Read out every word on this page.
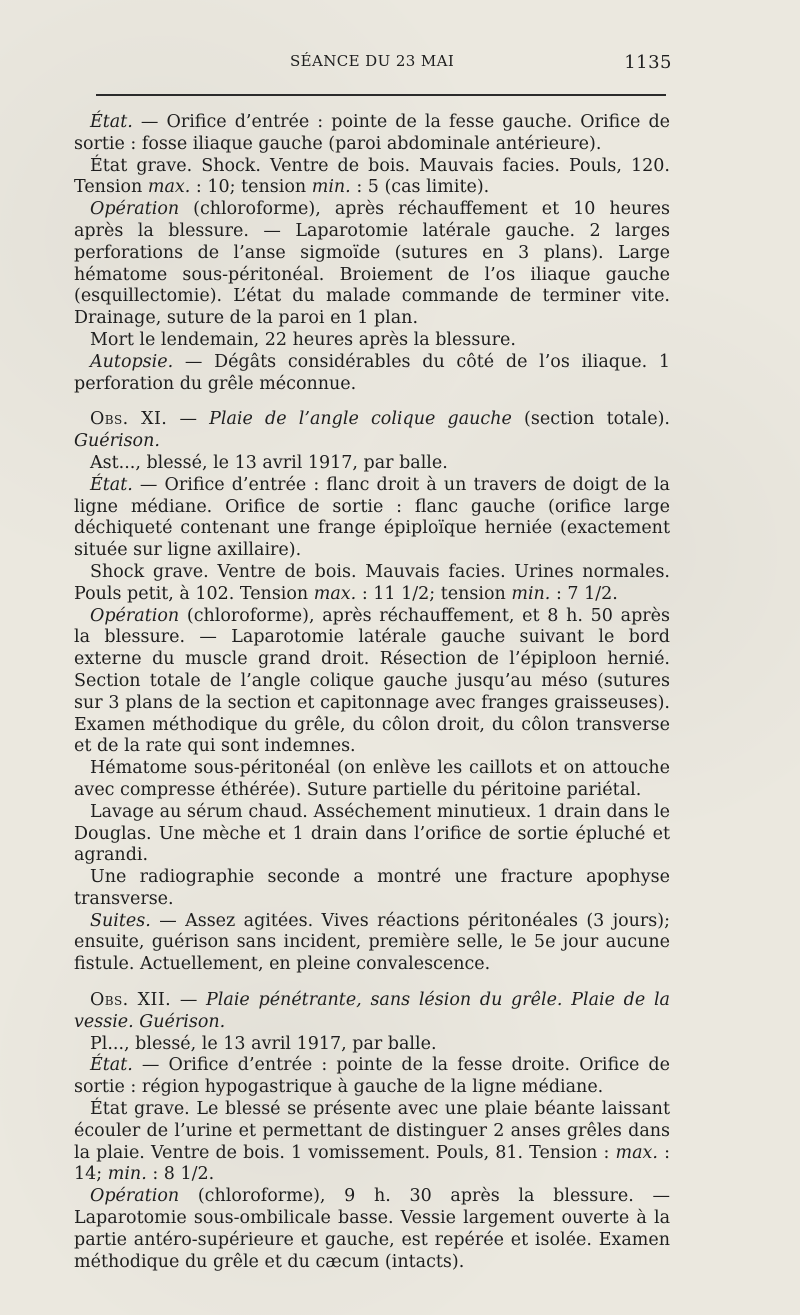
SÉANCE DU 23 MAI	1135

État. — Orifice d’entrée : pointe de la fesse gauche. Orifice de sortie : fosse iliaque gauche (paroi abdominale antérieure).

État grave. Shock. Ventre de bois. Mauvais facies. Pouls, 120. Tension max. : 10; tension min. : 5 (cas limite).

Opération (chloroforme), après réchauffement et 10 heures après la blessure. — Laparotomie latérale gauche. 2 larges perforations de l’anse sigmoïde (sutures en 3 plans). Large hématome sous-péritonéal. Broiement de l’os iliaque gauche (esquillectomie). L’état du malade commande de terminer vite. Drainage, suture de la paroi en 1 plan.

Mort le lendemain, 22 heures après la blessure.

Autopsie. — Dégâts considérables du côté de l’os iliaque. 1 perforation du grêle méconnue.

Obs. XI. — Plaie de l’angle colique gauche (section totale). Guérison.

Ast..., blessé, le 13 avril 1917, par balle.

État. — Orifice d’entrée : flanc droit à un travers de doigt de la ligne médiane. Orifice de sortie : flanc gauche (orifice large déchiqueté contenant une frange épiploïque herniée (exactement située sur ligne axillaire).

Shock grave. Ventre de bois. Mauvais facies. Urines normales. Pouls petit, à 102. Tension max. : 11 1/2; tension min. : 7 1/2.

Opération (chloroforme), après réchauffement, et 8 h. 50 après la blessure. — Laparotomie latérale gauche suivant le bord externe du muscle grand droit. Résection de l’épiploon hernié. Section totale de l’angle colique gauche jusqu’au méso (sutures sur 3 plans de la section et capitonnage avec franges graisseuses). Examen méthodique du grêle, du côlon droit, du côlon transverse et de la rate qui sont indemnes.

Hématome sous-péritonéal (on enlève les caillots et on attouche avec compresse éthérée). Suture partielle du péritoine pariétal.

Lavage au sérum chaud. Asséchement minutieux. 1 drain dans le Douglas. Une mèche et 1 drain dans l’orifice de sortie épluché et agrandi.

Une radiographie seconde a montré une fracture apophyse transverse.

Suites. — Assez agitées. Vives réactions péritonéales (3 jours); ensuite, guérison sans incident, première selle, le 5e jour aucune fistule. Actuellement, en pleine convalescence.

Obs. XII. — Plaie pénétrante, sans lésion du grêle. Plaie de la vessie. Guérison.

Pl..., blessé, le 13 avril 1917, par balle.

État. — Orifice d’entrée : pointe de la fesse droite. Orifice de sortie : région hypogastrique à gauche de la ligne médiane.

État grave. Le blessé se présente avec une plaie béante laissant écouler de l’urine et permettant de distinguer 2 anses grêles dans la plaie. Ventre de bois. 1 vomissement. Pouls, 81. Tension : max. : 14; min. : 8 1/2.

Opération (chloroforme), 9 h. 30 après la blessure. — Laparotomie sous-ombilicale basse. Vessie largement ouverte à la partie antéro-supérieure et gauche, est repérée et isolée. Examen méthodique du grêle et du cæcum (intacts).
